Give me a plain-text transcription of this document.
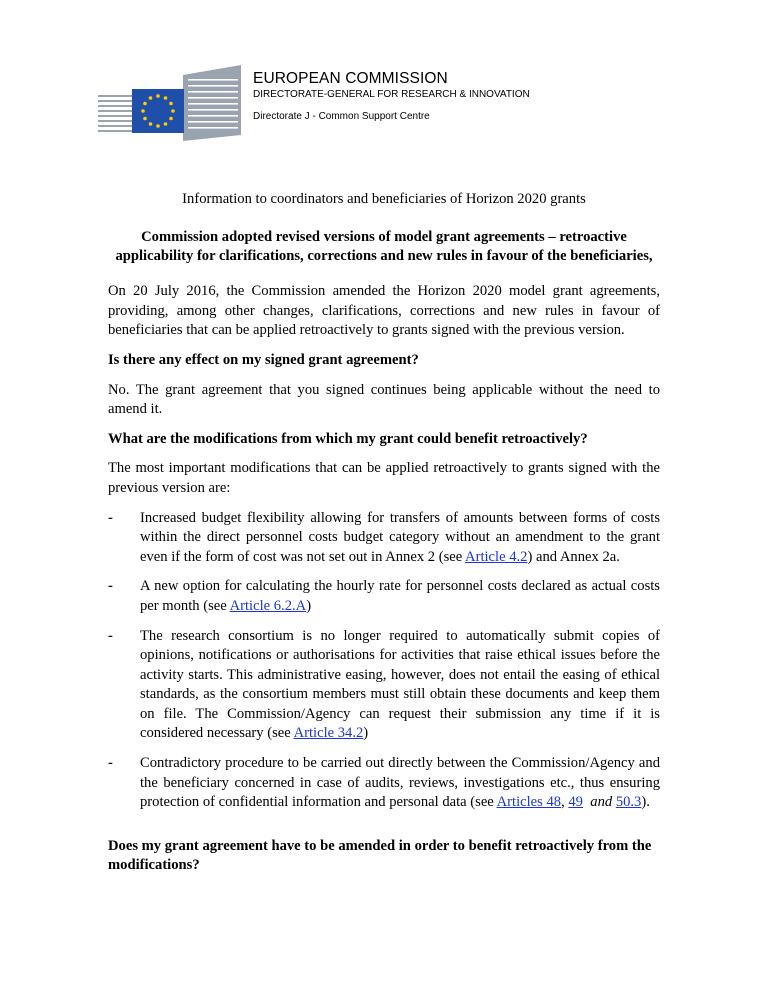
EUROPEAN COMMISSION

DIRECTORATE-GENERAL FOR RESEARCH & INNOVATION

Directorate J - Common Support Centre

Information to coordinators and beneficiaries of Horizon 2020 grants

Commission adopted revised versions of model grant agreements – retroactive applicability for clarifications, corrections and new rules in favour of the beneficiaries,

On 20 July 2016, the Commission amended the Horizon 2020 model grant agreements, providing, among other changes, clarifications, corrections and new rules in favour of beneficiaries that can be applied retroactively to grants signed with the previous version.

Is there any effect on my signed grant agreement?

No. The grant agreement that you signed continues being applicable without the need to amend it.

What are the modifications from which my grant could benefit retroactively?

The most important modifications that can be applied retroactively to grants signed with the previous version are:

- Increased budget flexibility allowing for transfers of amounts between forms of costs within the direct personnel costs budget category without an amendment to the grant even if the form of cost was not set out in Annex 2 (see Article 4.2) and Annex 2a.
- A new option for calculating the hourly rate for personnel costs declared as actual costs per month (see Article 6.2.A)
- The research consortium is no longer required to automatically submit copies of opinions, notifications or authorisations for activities that raise ethical issues before the activity starts. This administrative easing, however, does not entail the easing of ethical standards, as the consortium members must still obtain these documents and keep them on file. The Commission/Agency can request their submission any time if it is considered necessary (see Article 34.2)
- Contradictory procedure to be carried out directly between the Commission/Agency and the beneficiary concerned in case of audits, reviews, investigations etc., thus ensuring protection of confidential information and personal data (see Articles 48, 49 and 50.3).

Does my grant agreement have to be amended in order to benefit retroactively from the modifications?
